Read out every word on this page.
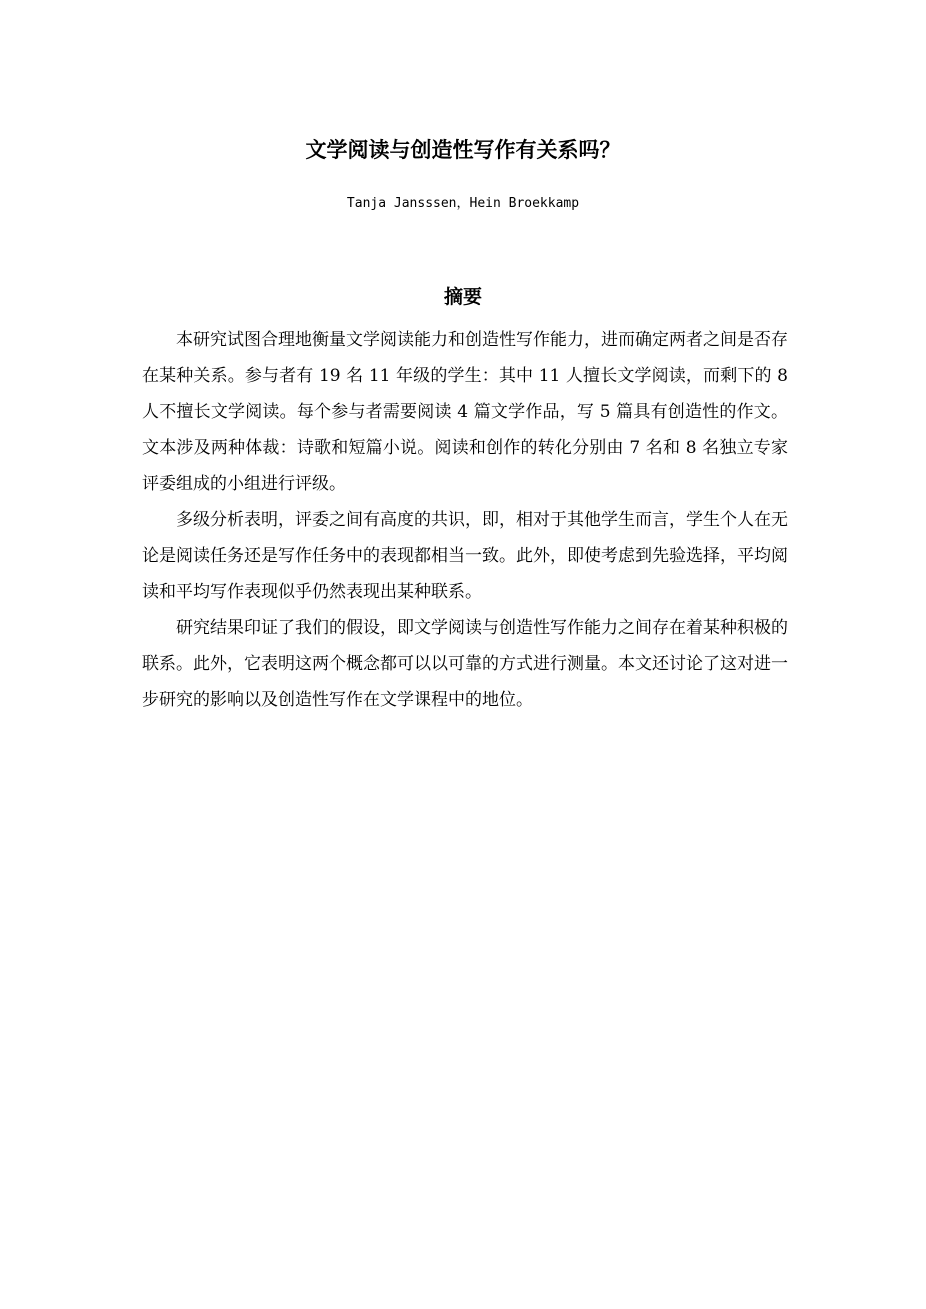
文学阅读与创造性写作有关系吗？
Tanja Jansssen，Hein Broekkamp
摘要

本研究试图合理地衡量文学阅读能力和创造性写作能力，进而确定两者之间是否存在某种关系。参与者有 19 名 11 年级的学生：其中 11 人擅长文学阅读，而剩下的 8 人不擅长文学阅读。每个参与者需要阅读 4 篇文学作品，写 5 篇具有创造性的作文。文本涉及两种体裁：诗歌和短篇小说。阅读和创作的转化分别由 7 名和 8 名独立专家评委组成的小组进行评级。

多级分析表明，评委之间有高度的共识，即，相对于其他学生而言，学生个人在无论是阅读任务还是写作任务中的表现都相当一致。此外，即使考虑到先验选择，平均阅读和平均写作表现似乎仍然表现出某种联系。

研究结果印证了我们的假设，即文学阅读与创造性写作能力之间存在着某种积极的联系。此外，它表明这两个概念都可以以可靠的方式进行测量。本文还讨论了这对进一步研究的影响以及创造性写作在文学课程中的地位。
